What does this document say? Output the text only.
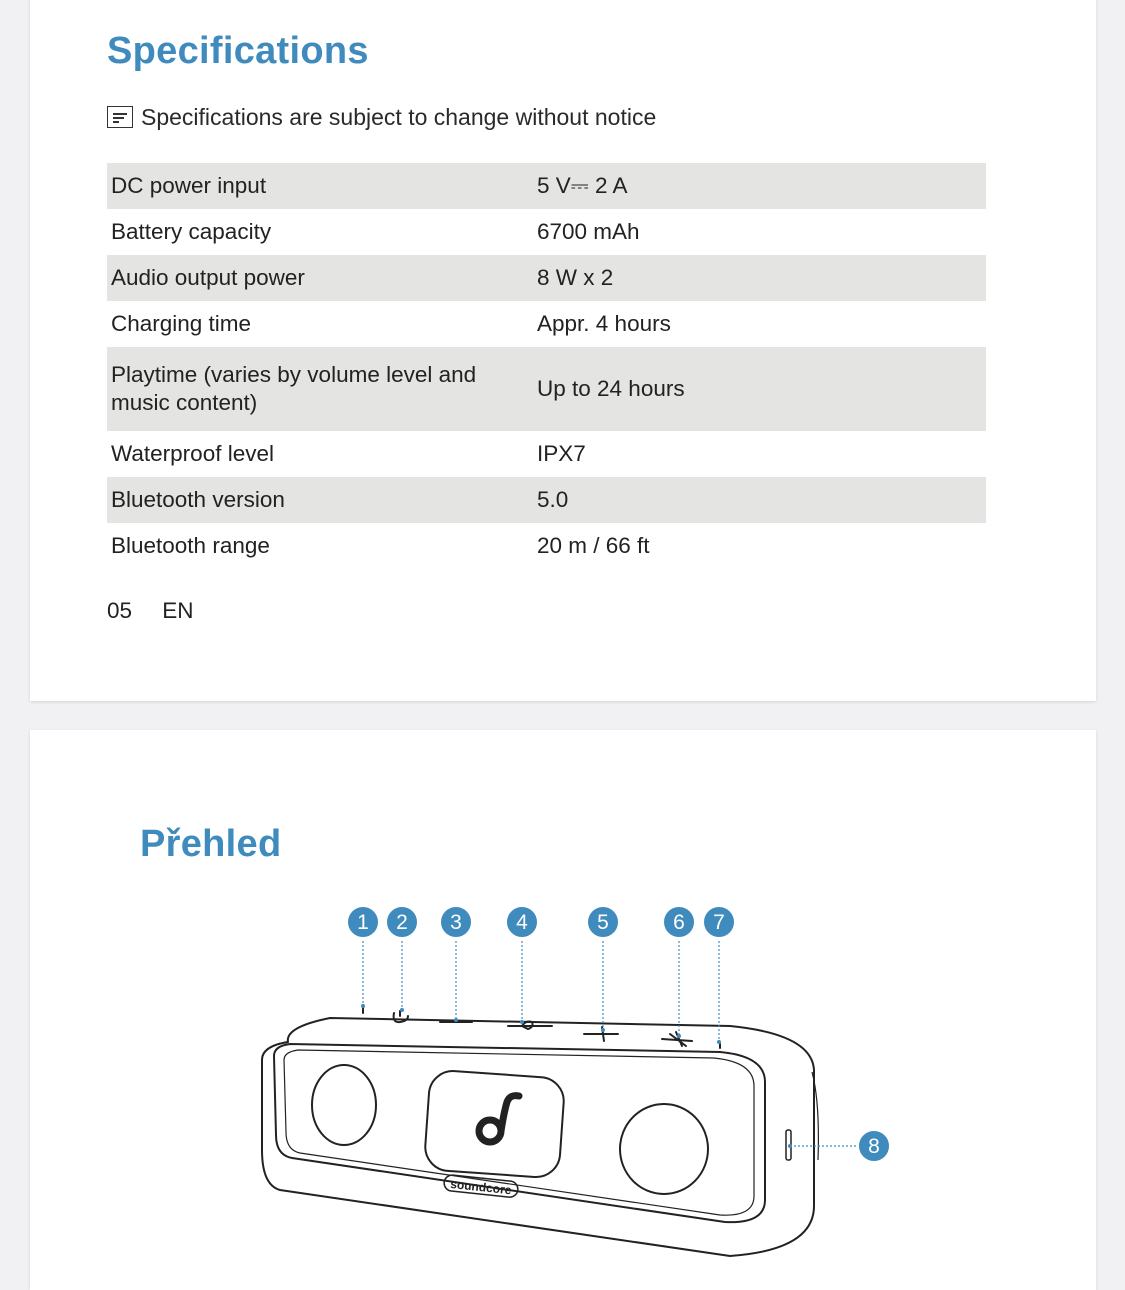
Specifications
Specifications are subject to change without notice
DC power input	5 V⎓ 2 A
Battery capacity	6700 mAh
Audio output power	8 W x 2
Charging time	Appr. 4 hours
Playtime (varies by volume level and music content)	Up to 24 hours
Waterproof level	IPX7
Bluetooth version	5.0
Bluetooth range	20 m / 66 ft
05 EN
Přehled
soundcore
1 2 3	4	5	6 7
8
